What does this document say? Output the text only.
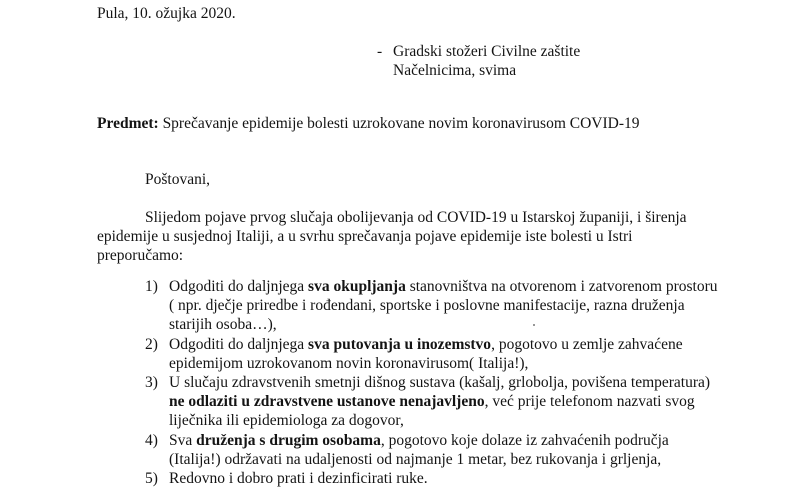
Pula, 10. ožujka 2020.
- Gradski stožeri Civilne zaštite
Načelnicima, svima
Predmet: Sprečavanje epidemije bolesti uzrokovane novim koronavirusom COVID-19
Poštovani,
Slijedom pojave prvog slučaja obolijevanja od COVID-19 u Istarskoj županiji, i širenja
epidemije u susjednoj Italiji, a u svrhu sprečavanja pojave epidemije iste bolesti u Istri
preporučamo:
1) Odgoditi do daljnjega sva okupljanja stanovništva na otvorenom i zatvorenom prostoru
( npr. dječje priredbe i rođendani, sportske i poslovne manifestacije, razna druženja
starijih osoba…),
2) Odgoditi do daljnjega sva putovanja u inozemstvo, pogotovo u zemlje zahvaćene
epidemijom uzrokovanom novin koronavirusom( Italija!),
3) U slučaju zdravstvenih smetnji dišnog sustava (kašalj, grlobolja, povišena temperatura)
ne odlaziti u zdravstvene ustanove nenajavljeno, već prije telefonom nazvati svog
liječnika ili epidemiologa za dogovor,
4) Sva druženja s drugim osobama, pogotovo koje dolaze iz zahvaćenih područja
(Italija!) održavati na udaljenosti od najmanje 1 metar, bez rukovanja i grljenja,
5) Redovno i dobro prati i dezinficirati ruke.
